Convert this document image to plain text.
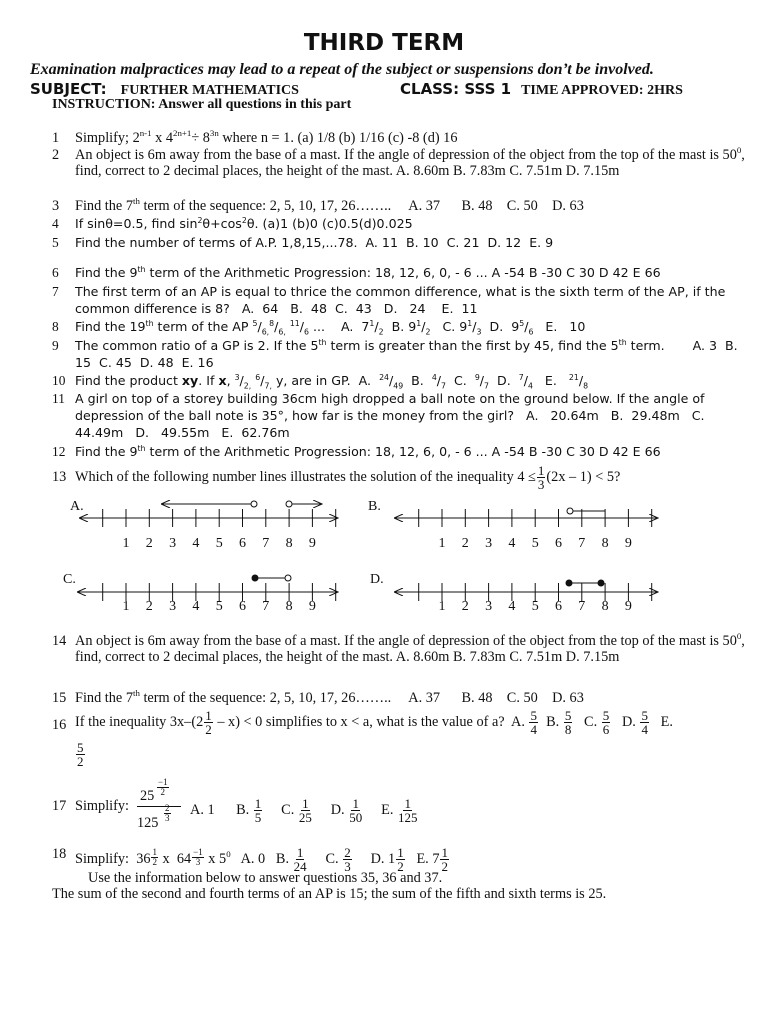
THIRD TERM
Examination malpractices may lead to a repeat of the subject or suspensions don’t be involved.
SUBJECT: FURTHER MATHEMATICS	CLASS: SSS 1 TIME APPROVED: 2HRS
INSTRUCTION: Answer all questions in this part
1	Simplify; 2$^{n-1}$ x $4^{2n+1}\div 8^{3n}$ where n = 1. (a) 1/8 (b) 1/16 (c) -8 (d) 16
2	An object is 6m away from the base of a mast. If the angle of depression of the object from the top of the mast is $50^0$, find, correct to 2 decimal places, the height of the mast. A. 8.60m B. 7.83m C. 7.51m D. 7.15m
3	Find the 7th term of the sequence: 2, 5, 10, 17, 26……..     A. 37      B. 48    C. 50    D. 63
4	If sinθ=0.5, find $\sin^2\theta+\cos^2\theta$. (a)1 (b)0 (c)0.5(d)0.025
5	Find the number of terms of A.P. 1,8,15,...78.  A. 11  B. 10  C. 21  D. 12  E. 9
6	Find the 9th term of the Arithmetic Progression: 18, 12, 6, 0, - 6 ... A -54 B -30 C 30 D 42 E 66
7	The first term of an AP is equal to thrice the common difference, what is the sixth term of the AP, if the common difference is 8?   A.  64   B.  48  C.  43   D.   24    E.  11
8	Find the 19th term of the AP $^5/_{6,}^8/_{6,}$ $^{11}/_6$ ...    A.  $7^1/_2$  B. $9^1/_2$   C. $9^1/_3$  D.  $9^5/_6$   E.   10
9	The common ratio of a GP is 2. If the 5th term is greater than the first by 45, find the 5th term.       A. 3  B. 15  C. 45  D. 48  E. 16
10 Find the product xy. If x, $^3/_{2,}$ $^6/_{7,}$ y, are in GP.  A.  $^{24}/_{49}$  B.  $^4/_7$  C.  $^9/_7$  D.  $^7/_4$   E.   $^{21}/_8$
11 A girl on top of a storey building 36cm high dropped a ball note on the ground below. If the angle of depression of the ball note is 35°, how far is the money from the girl?   A.   20.64m   B.  29.48m   C. 44.49m   D.   49.55m   E.  62.76m
12 Find the 9th term of the Arithmetic Progression: 18, 12, 6, 0, - 6 ... A -54 B -30 C 30 D 42 E 66
13 Which of the following number lines illustrates the solution of the inequality $4 \le \frac{1}{3} (2x - 1) < 5$?
A.	B.
C.	D.
1 2 3 4 5 6 7 8 9	1 2 3 4 5 6 7 8 9
1 2 3 4 5 6 7 8 9	1 2 3 4 5 6 7 8 9
14 An object is 6m away from the base of a mast. If the angle of depression of the object from the top of the mast is $50^0$, find, correct to 2 decimal places, the height of the mast. A. 8.60m B. 7.83m C. 7.51m D. 7.15m
15 Find the 7th term of the sequence: 2, 5, 10, 17, 26……..     A. 37      B. 48    C. 50    D. 63
16 If the inequality $3x-(2 \frac{1}{2} - x) < 0$ simplifies to x < a, what is the value of a?  A. $\frac{5}{4} B$. $\frac{5}{8} C$. $\frac{5}{6} D$. $\frac{5}{4} E$.
$\frac{5}{2}$
17 Simplify:
$\frac{-1}{2}$
25
$\frac{2}{3}$
125
A. 1 B. $\frac{1}{5} C$. $\frac{1}{25} D$. $\frac{1}{50} E$. $\frac{1}{125}$
18 Simplify: $36 \frac{1}{2}$ x  $64 \frac{-1}{3}$ x $5^0$ A. 0 B. $\frac{1}{24} C$. $\frac{2}{3} D$. $1 \frac{1}{2} E$. $7 \frac{1}{2}$
Use the information below to answer questions 35, 36 and 37.
The sum of the second and fourth terms of an AP is 15; the sum of the fifth and sixth terms is 25.
